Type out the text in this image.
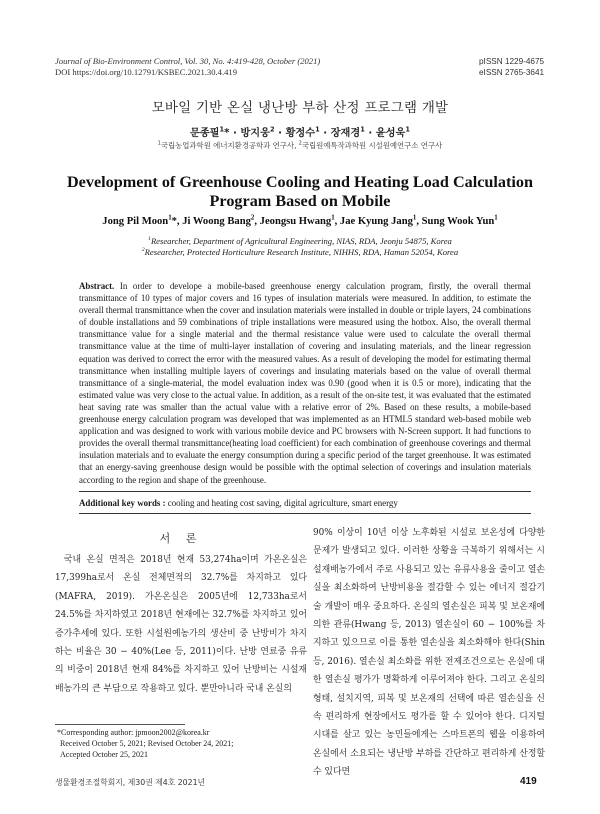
Journal of Bio-Environment Control, Vol. 30, No. 4:419-428, October (2021)
DOI https://doi.org/10.12791/KSBEC.2021.30.4.419
pISSN 1229-4675
eISSN 2765-3641
모바일 기반 온실 냉난방 부하 산정 프로그램 개발
문종필$^1$* · 방지웅$^2$ · 황정수$^1$ · 장재경$^1$ · 윤성욱$^1$
$^1$국립농업과학원 에너지환경공학과 연구사, $^2$국립원예특작과학원 시설원예연구소 연구사
Development of Greenhouse Cooling and Heating Load Calculation Program Based on Mobile
Jong Pil Moon$^1$*, Ji Woong Bang$^2$, Jeongsu Hwang$^1$, Jae Kyung Jang$^1$, Sung Wook Yun$^1$
$^1$Researcher, Department of Agricultural Engineering, NIAS, RDA, Jeonju 54875, Korea
$^2$Researcher, Protected Horticulture Research Institute, NIHHS, RDA, Haman 52054, Korea
Abstract. In order to develope a mobile-based greenhouse energy calculation program, firstly, the overall thermal transmittance of 10 types of major covers and 16 types of insulation materials were measured. In addition, to estimate the overall thermal transmittance when the cover and insulation materials were installed in double or triple layers, 24 combinations of double installations and 59 combinations of triple installations were measured using the hotbox. Also, the overall thermal transmittance value for a single material and the thermal resistance value were used to calculate the overall thermal transmittance value at the time of multi-layer installation of covering and insulating materials, and the linear regression equation was derived to correct the error with the measured values. As a result of developing the model for estimating thermal transmittance when installing multiple layers of coverings and insulating materials based on the value of overall thermal transmittance of a single-material, the model evaluation index was 0.90 (good when it is 0.5 or more), indicating that the estimated value was very close to the actual value. In addition, as a result of the on-site test, it was evaluated that the estimated heat saving rate was smaller than the actual value with a relative error of 2%. Based on these results, a mobile-based greenhouse energy calculation program was developed that was implemented as an HTML5 standard web-based mobile web application and was designed to work with various mobile device and PC browsers with N-Screen support. It had functions to provides the overall thermal transmittance(heating load coefficient) for each combination of greenhouse coverings and thermal insulation materials and to evaluate the energy consumption during a specific period of the target greenhouse. It was estimated that an energy-saving greenhouse design would be possible with the optimal selection of coverings and insulation materials according to the region and shape of the greenhouse.
Additional key words : cooling and heating cost saving, digital agriculture, smart energy
서 론
국내 온실 면적은 2018년 현재 53,274ha이며 가온온실은 17,399ha로서 온실 전체면적의 32.7%를 차지하고 있다(MAFRA, 2019). 가온온실은 2005년에 12,733ha로서 24.5%를 차지하였고 2018년 현재에는 32.7%를 차지하고 있어 증가추세에 있다. 또한 시설원예농가의 생산비 중 난방비가 차지하는 비율은 30 − 40%(Lee 등, 2011)이다. 난방 연료중 유류의 비중이 2018년 현재 84%를 차지하고 있어 난방비는 시설재배농가의 큰 부담으로 작용하고 있다. 뿐만아니라 국내 온실의
90% 이상이 10년 이상 노후화된 시설로 보온성에 다양한 문제가 발생되고 있다. 이러한 상황을 극복하기 위해서는 시설재배농가에서 주로 사용되고 있는 유류사용을 줄이고 열손실을 최소화하여 난방비용을 절감할 수 있는 에너지 절감기술 개발이 매우 중요하다. 온실의 열손실은 피복 및 보온재에 의한 관류(Hwang 등, 2013) 열손실이 60 − 100%를 차지하고 있으므로 이를 통한 열손실을 최소화해야 한다(Shin 등, 2016). 열손실 최소화를 위한 전제조건으로는 온실에 대한 열손실 평가가 명확하게 이루어져야 한다. 그리고 온실의 형태, 설치지역, 피복 및 보온재의 선택에 따른 열손실을 신속 편리하게 현장에서도 평가를 할 수 있어야 한다. 디지털 시대를 살고 있는 농민들에게는 스마트폰의 웹을 이용하여 온실에서 소요되는 냉난방 부하를 간단하고 편리하게 산정할 수 있다면
*Corresponding author: jpmoon2002@korea.kr
Received October 5, 2021; Revised October 24, 2021;
Accepted October 25, 2021
생물환경조절학회지, 제30권 제4호 2021년	419
